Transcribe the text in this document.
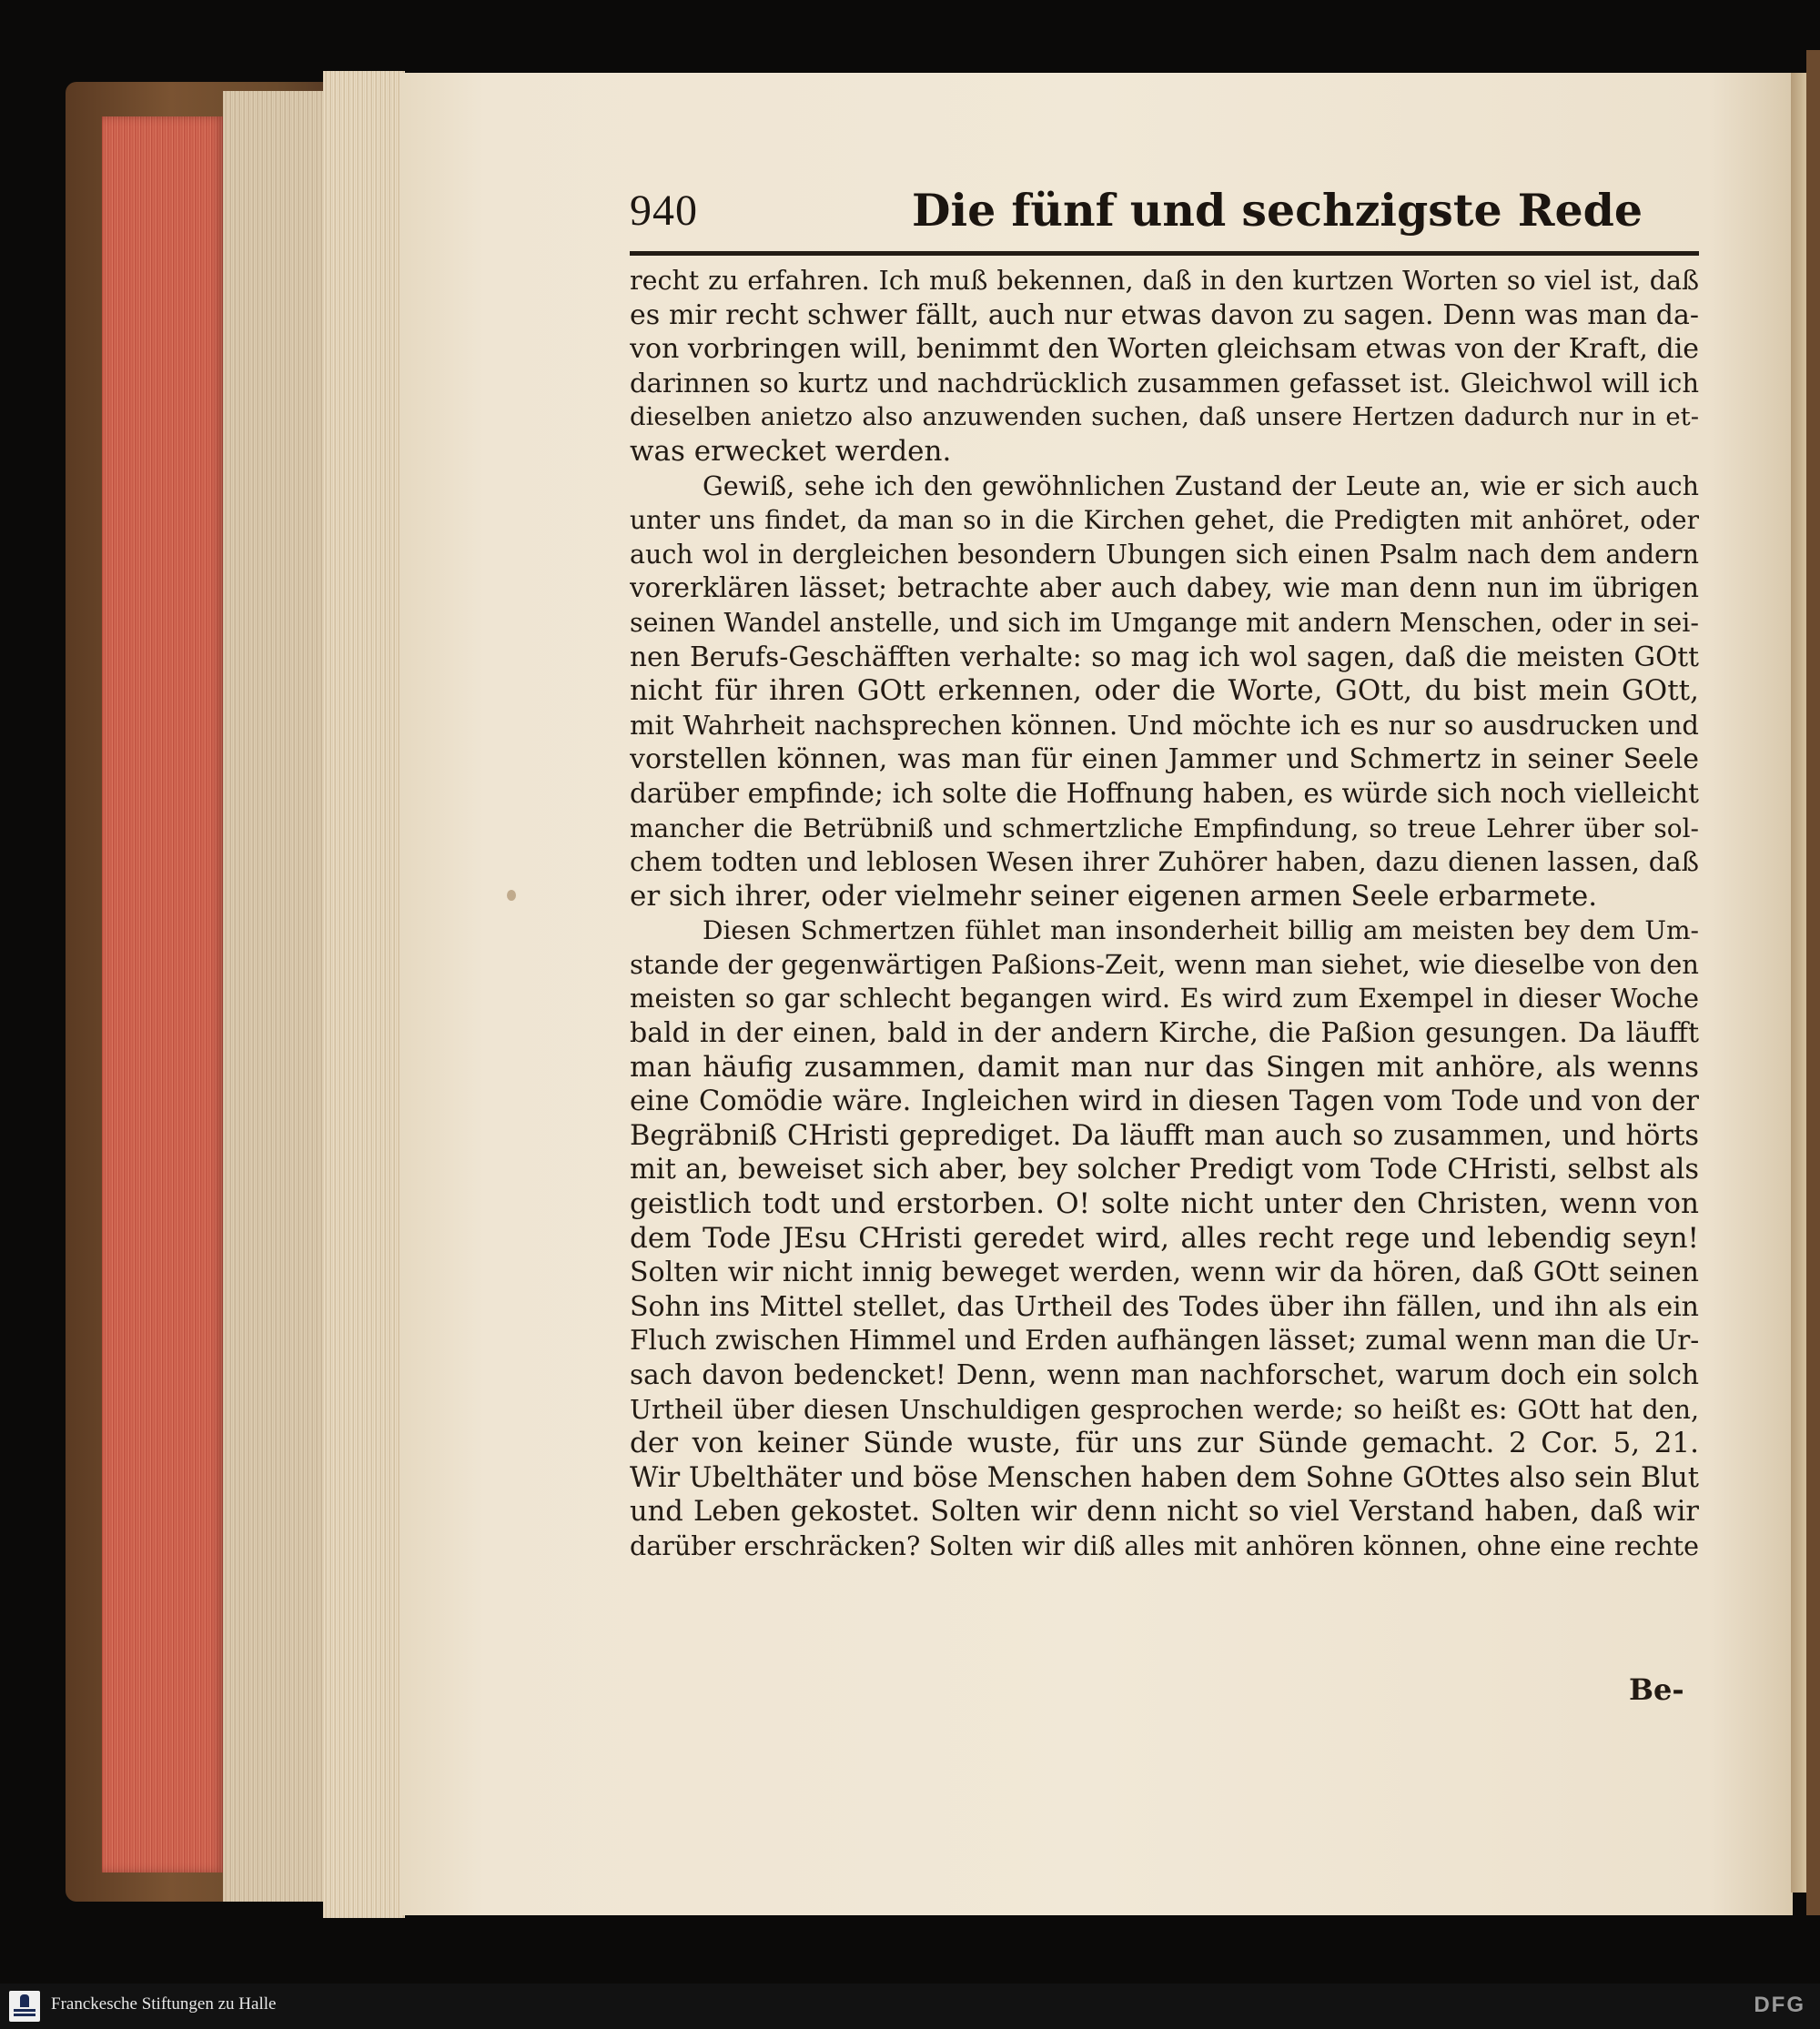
940	Die fünf und sechzigste Rede
recht zu erfahren. Ich muß bekennen, daß in den kurtzen Worten so viel ist, daß
es mir recht schwer fällt, auch nur etwas davon zu sagen. Denn was man da-
von vorbringen will, benimmt den Worten gleichsam etwas von der Kraft, die
darinnen so kurtz und nachdrücklich zusammen gefasset ist. Gleichwol will ich
dieselben anietzo also anzuwenden suchen, daß unsere Hertzen dadurch nur in et-
was erwecket werden.
Gewiß, sehe ich den gewöhnlichen Zustand der Leute an, wie er sich auch
unter uns findet, da man so in die Kirchen gehet, die Predigten mit anhöret, oder
auch wol in dergleichen besondern Ubungen sich einen Psalm nach dem andern
vorerklären lässet; betrachte aber auch dabey, wie man denn nun im übrigen
seinen Wandel anstelle, und sich im Umgange mit andern Menschen, oder in sei-
nen Berufs-Geschäfften verhalte: so mag ich wol sagen, daß die meisten GOtt
nicht für ihren GOtt erkennen, oder die Worte, GOtt, du bist mein GOtt,
mit Wahrheit nachsprechen können. Und möchte ich es nur so ausdrucken und
vorstellen können, was man für einen Jammer und Schmertz in seiner Seele
darüber empfinde; ich solte die Hoffnung haben, es würde sich noch vielleicht
mancher die Betrübniß und schmertzliche Empfindung, so treue Lehrer über sol-
chem todten und leblosen Wesen ihrer Zuhörer haben, dazu dienen lassen, daß
er sich ihrer, oder vielmehr seiner eigenen armen Seele erbarmete.
Diesen Schmertzen fühlet man insonderheit billig am meisten bey dem Um-
stande der gegenwärtigen Paßions-Zeit, wenn man siehet, wie dieselbe von den
meisten so gar schlecht begangen wird. Es wird zum Exempel in dieser Woche
bald in der einen, bald in der andern Kirche, die Paßion gesungen. Da läufft
man häufig zusammen, damit man nur das Singen mit anhöre, als wenns
eine Comödie wäre. Ingleichen wird in diesen Tagen vom Tode und von der
Begräbniß CHristi geprediget. Da läufft man auch so zusammen, und hörts
mit an, beweiset sich aber, bey solcher Predigt vom Tode CHristi, selbst als
geistlich todt und erstorben. O! solte nicht unter den Christen, wenn von
dem Tode JEsu CHristi geredet wird, alles recht rege und lebendig seyn!
Solten wir nicht innig beweget werden, wenn wir da hören, daß GOtt seinen
Sohn ins Mittel stellet, das Urtheil des Todes über ihn fällen, und ihn als ein
Fluch zwischen Himmel und Erden aufhängen lässet; zumal wenn man die Ur-
sach davon bedencket! Denn, wenn man nachforschet, warum doch ein solch
Urtheil über diesen Unschuldigen gesprochen werde; so heißt es: GOtt hat den,
der von keiner Sünde wuste, für uns zur Sünde gemacht. 2 Cor. 5, 21.
Wir Ubelthäter und böse Menschen haben dem Sohne GOttes also sein Blut
und Leben gekostet. Solten wir denn nicht so viel Verstand haben, daß wir
darüber erschräcken? Solten wir diß alles mit anhören können, ohne eine rechte
Be-
Franckesche Stiftungen zu Halle	DFG
